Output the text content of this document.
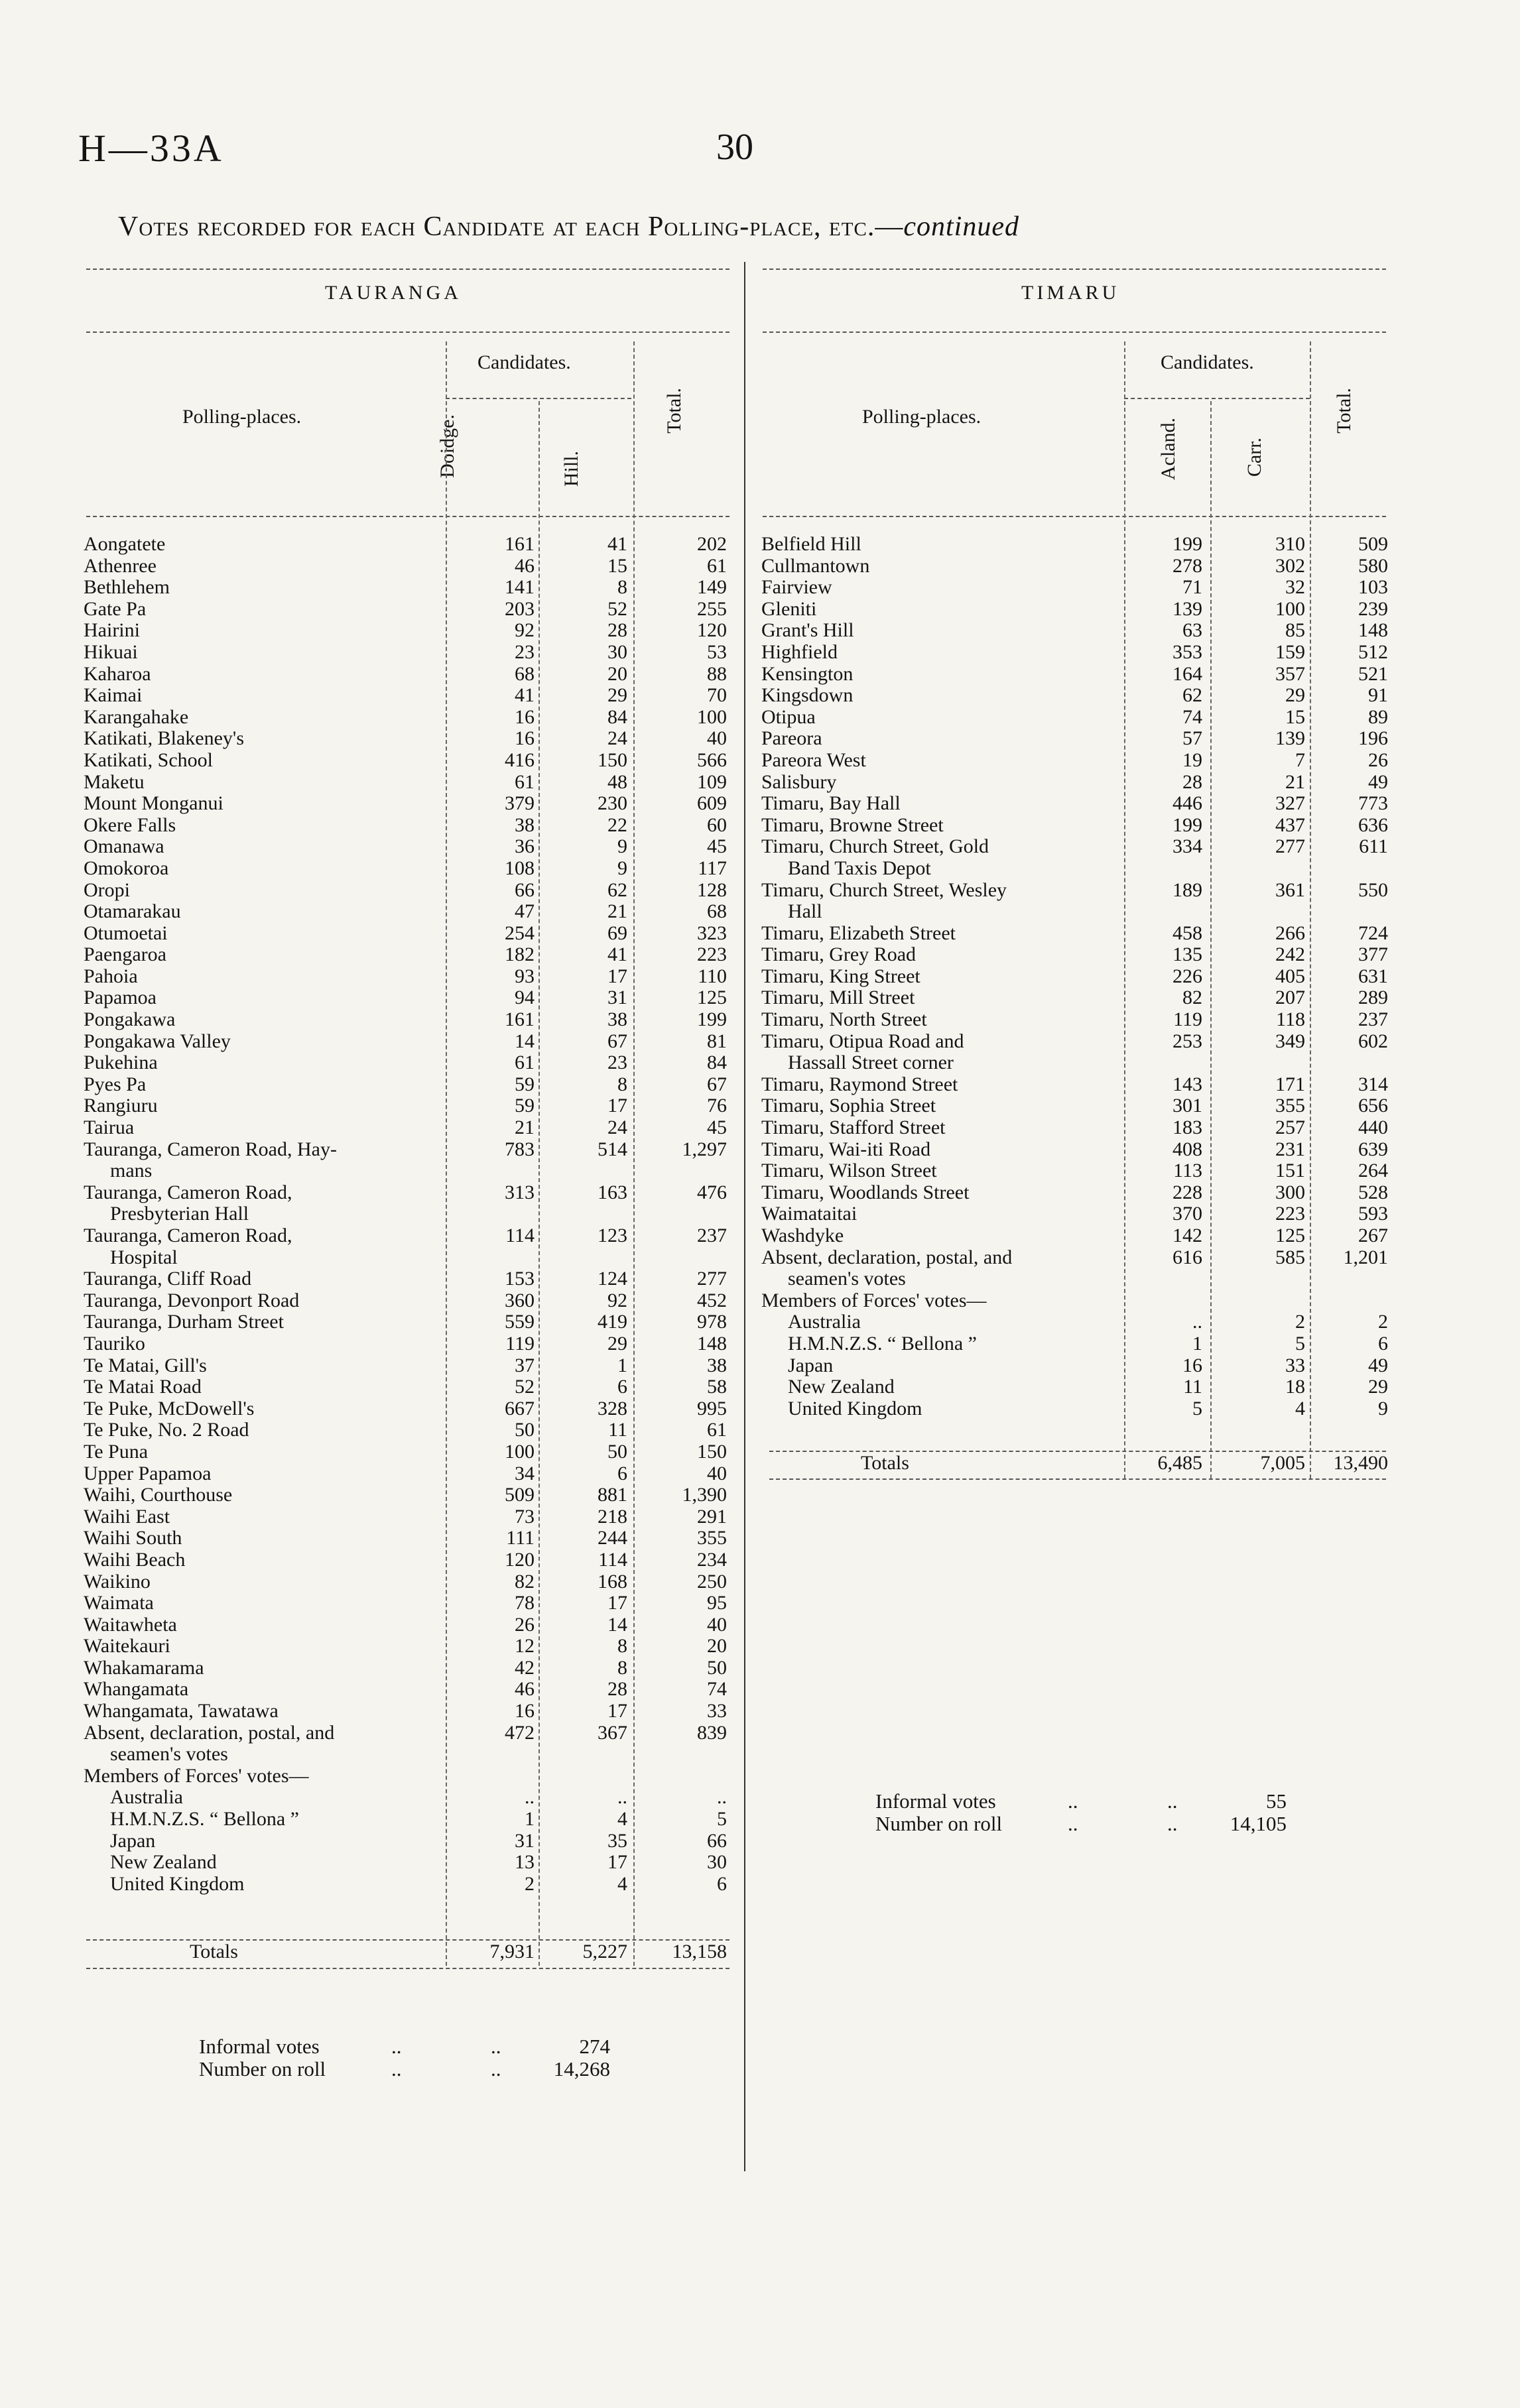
H—33A	30
Votes recorded for each Candidate at each Polling-place, etc.—continued
TAURANGA
Polling-places.
Candidates.
Doidge.	Hill.
Total.
Aongatete	161	41	202
Athenree	46	15	61
Bethlehem	141	8	149
Gate Pa	203	52	255
Hairini	92	28	120
Hikuai	23	30	53
Kaharoa	68	20	88
Kaimai	41	29	70
Karangahake	16	84	100
Katikati, Blakeney's	16	24	40
Katikati, School	416	150	566
Maketu	61	48	109
Mount Monganui	379	230	609
Okere Falls	38	22	60
Omanawa	36	9	45
Omokoroa	108	9	117
Oropi	66	62	128
Otamarakau	47	21	68
Otumoetai	254	69	323
Paengaroa	182	41	223
Pahoia	93	17	110
Papamoa	94	31	125
Pongakawa	161	38	199
Pongakawa Valley	14	67	81
Pukehina	61	23	84
Pyes Pa	59	8	67
Rangiuru	59	17	76
Tairua	21	24	45
Tauranga, Cameron Road, Hay-	783	514	1,297
mans
Tauranga, Cameron Road,	313	163	476
Presbyterian Hall
Tauranga, Cameron Road,	114	123	237
Hospital
Tauranga, Cliff Road	153	124	277
Tauranga, Devonport Road	360	92	452
Tauranga, Durham Street	559	419	978
Tauriko	119	29	148
Te Matai, Gill's	37	1	38
Te Matai Road	52	6	58
Te Puke, McDowell's	667	328	995
Te Puke, No. 2 Road	50	11	61
Te Puna	100	50	150
Upper Papamoa	34	6	40
Waihi, Courthouse	509	881	1,390
Waihi East	73	218	291
Waihi South	111	244	355
Waihi Beach	120	114	234
Waikino	82	168	250
Waimata	78	17	95
Waitawheta	26	14	40
Waitekauri	12	8	20
Whakamarama	42	8	50
Whangamata	46	28	74
Whangamata, Tawatawa	16	17	33
Absent, declaration, postal, and	472	367	839
seamen's votes
Members of Forces' votes—
Australia	..	..	..
H.M.N.Z.S. “ Bellona ”	1	4	5
Japan	31	35	66
New Zealand	13	17	30
United Kingdom	2	4	6
Totals	7,931	5,227	13,158
Informal votes	..	..	274
Number on roll	..	..	14,268
TIMARU
Polling-places.
Candidates.
Acland.	Carr.
Total.
Belfield Hill	199	310	509
Cullmantown	278	302	580
Fairview	71	32	103
Gleniti	139	100	239
Grant's Hill	63	85	148
Highfield	353	159	512
Kensington	164	357	521
Kingsdown	62	29	91
Otipua	74	15	89
Pareora	57	139	196
Pareora West	19	7	26
Salisbury	28	21	49
Timaru, Bay Hall	446	327	773
Timaru, Browne Street	199	437	636
Timaru, Church Street, Gold	334	277	611
Band Taxis Depot
Timaru, Church Street, Wesley	189	361	550
Hall
Timaru, Elizabeth Street	458	266	724
Timaru, Grey Road	135	242	377
Timaru, King Street	226	405	631
Timaru, Mill Street	82	207	289
Timaru, North Street	119	118	237
Timaru, Otipua Road and	253	349	602
Hassall Street corner
Timaru, Raymond Street	143	171	314
Timaru, Sophia Street	301	355	656
Timaru, Stafford Street	183	257	440
Timaru, Wai-iti Road	408	231	639
Timaru, Wilson Street	113	151	264
Timaru, Woodlands Street	228	300	528
Waimataitai	370	223	593
Washdyke	142	125	267
Absent, declaration, postal, and	616	585	1,201
seamen's votes
Members of Forces' votes—
Australia	..	2	2
H.M.N.Z.S. “ Bellona ”	1	5	6
Japan	16	33	49
New Zealand	11	18	29
United Kingdom	5	4	9
Totals	6,485	7,005	13,490
Informal votes	..	..	55
Number on roll	..	..	14,105
